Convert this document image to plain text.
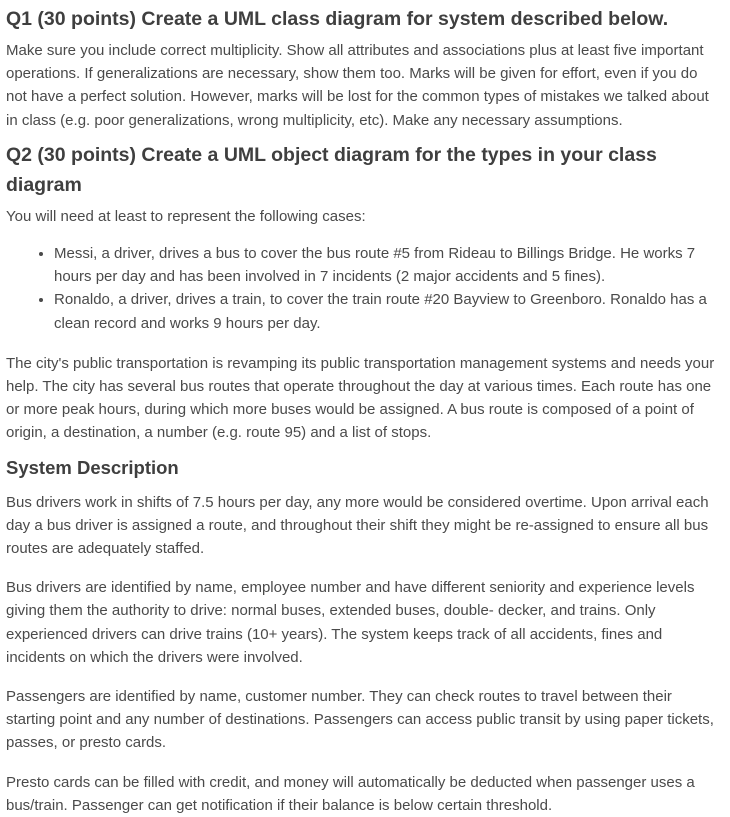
Q1 (30 points) Create a UML class diagram for system described below.

Make sure you include correct multiplicity. Show all attributes and associations plus at least five important operations. If generalizations are necessary, show them too. Marks will be given for effort, even if you do not have a perfect solution. However, marks will be lost for the common types of mistakes we talked about in class (e.g. poor generalizations, wrong multiplicity, etc). Make any necessary assumptions.

Q2 (30 points) Create a UML object diagram for the types in your class diagram

You will need at least to represent the following cases:

• Messi, a driver, drives a bus to cover the bus route #5 from Rideau to Billings Bridge. He works 7 hours per day and has been involved in 7 incidents (2 major accidents and 5 fines).
• Ronaldo, a driver, drives a train, to cover the train route #20 Bayview to Greenboro. Ronaldo has a clean record and works 9 hours per day.

The city's public transportation is revamping its public transportation management systems and needs your help. The city has several bus routes that operate throughout the day at various times. Each route has one or more peak hours, during which more buses would be assigned. A bus route is composed of a point of origin, a destination, a number (e.g. route 95) and a list of stops.

System Description

Bus drivers work in shifts of 7.5 hours per day, any more would be considered overtime. Upon arrival each day a bus driver is assigned a route, and throughout their shift they might be re-assigned to ensure all bus routes are adequately staffed.

Bus drivers are identified by name, employee number and have different seniority and experience levels giving them the authority to drive: normal buses, extended buses, double- decker, and trains. Only experienced drivers can drive trains (10+ years). The system keeps track of all accidents, fines and incidents on which the drivers were involved.

Passengers are identified by name, customer number. They can check routes to travel between their starting point and any number of destinations. Passengers can access public transit by using paper tickets, passes, or presto cards.

Presto cards can be filled with credit, and money will automatically be deducted when passenger uses a bus/train. Passenger can get notification if their balance is below certain threshold.
